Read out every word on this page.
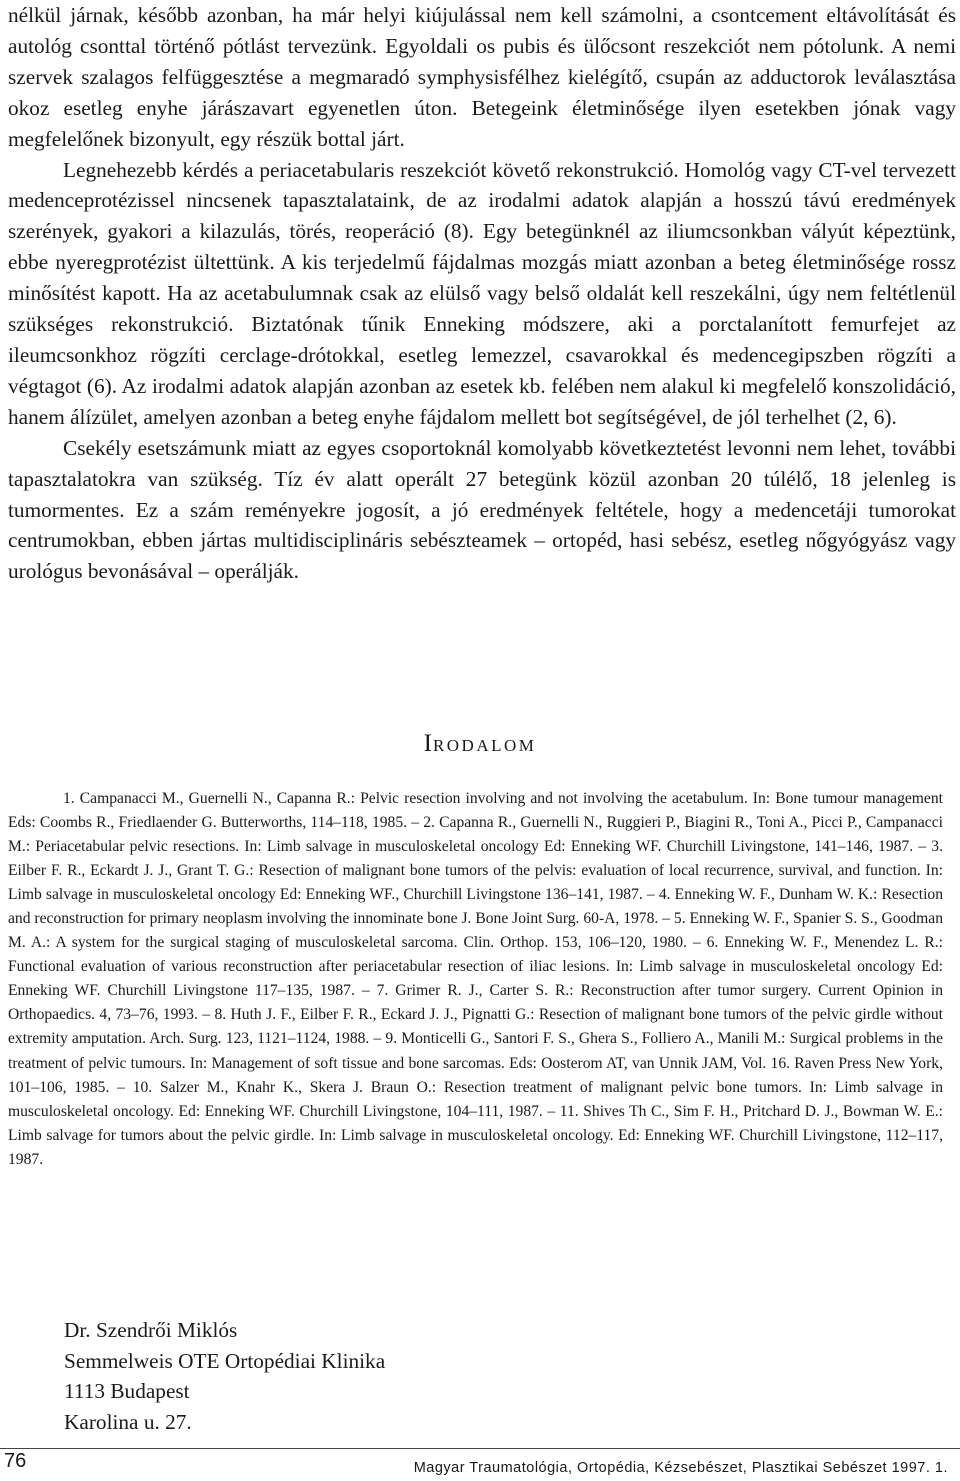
nélkül járnak, később azonban, ha már helyi kiújulással nem kell számolni, a csontcement eltávolítását és autológ csonttal történő pótlást tervezünk. Egyoldali os pubis és ülőcsont reszekciót nem pótolunk. A nemi szervek szalagos felfüggesztése a megmaradó symphysisfélhez kielégítő, csupán az adductorok leválasztása okoz esetleg enyhe járászavart egyenetlen úton. Betegeink életminősége ilyen esetekben jónak vagy megfelelőnek bizonyult, egy részük bottal járt.

Legnehezebb kérdés a periacetabularis reszekciót követő rekonstrukció. Homológ vagy CT-vel tervezett medenceprotézissel nincsenek tapasztalataink, de az irodalmi adatok alapján a hosszú távú eredmények szerények, gyakori a kilazulás, törés, reoperáció (8). Egy betegünknél az iliumcsonkban vályút képeztünk, ebbe nyeregprotézist ültettünk. A kis terjedelmű fájdalmas mozgás miatt azonban a beteg életminősége rossz minősítést kapott. Ha az acetabulumnak csak az elülső vagy belső oldalát kell reszekálni, úgy nem feltétlenül szükséges rekonstrukció. Biztatónak tűnik Enneking módszere, aki a porctalanított femurfejet az ileumcsonkhoz rögzíti cerclage-drótokkal, esetleg lemezzel, csavarokkal és medencegipszben rögzíti a végtagot (6). Az irodalmi adatok alapján azonban az esetek kb. felében nem alakul ki megfelelő konszolidáció, hanem álízület, amelyen azonban a beteg enyhe fájdalom mellett bot segítségével, de jól terhelhet (2, 6).

Csekély esetszámunk miatt az egyes csoportoknál komolyabb következtetést levonni nem lehet, további tapasztalatokra van szükség. Tíz év alatt operált 27 betegünk közül azonban 20 túlélő, 18 jelenleg is tumormentes. Ez a szám reményekre jogosít, a jó eredmények feltétele, hogy a medencetáji tumorokat centrumokban, ebben jártas multidisciplináris sebészteamek – ortopéd, hasi sebész, esetleg nőgyógyász vagy urológus bevonásával – operálják.

IRODALOM

1. Campanacci M., Guernelli N., Capanna R.: Pelvic resection involving and not involving the acetabulum. In: Bone tumour management Eds: Coombs R., Friedlaender G. Butterworths, 114–118, 1985. – 2. Capanna R., Guernelli N., Ruggieri P., Biagini R., Toni A., Picci P., Campanacci M.: Periacetabular pelvic resections. In: Limb salvage in musculoskeletal oncology Ed: Enneking WF. Churchill Livingstone, 141–146, 1987. – 3. Eilber F. R., Eckardt J. J., Grant T. G.: Resection of malignant bone tumors of the pelvis: evaluation of local recurrence, survival, and function. In: Limb salvage in musculoskeletal oncology Ed: Enneking WF., Churchill Livingstone 136–141, 1987. – 4. Enneking W. F., Dunham W. K.: Resection and reconstruction for primary neoplasm involving the innominate bone J. Bone Joint Surg. 60-A, 1978. – 5. Enneking W. F., Spanier S. S., Goodman M. A.: A system for the surgical staging of musculoskeletal sarcoma. Clin. Orthop. 153, 106–120, 1980. – 6. Enneking W. F., Menendez L. R.: Functional evaluation of various reconstruction after periacetabular resection of iliac lesions. In: Limb salvage in musculoskeletal oncology Ed: Enneking WF. Churchill Livingstone 117–135, 1987. – 7. Grimer R. J., Carter S. R.: Reconstruction after tumor surgery. Current Opinion in Orthopaedics. 4, 73–76, 1993. – 8. Huth J. F., Eilber F. R., Eckard J. J., Pignatti G.: Resection of malignant bone tumors of the pelvic girdle without extremity amputation. Arch. Surg. 123, 1121–1124, 1988. – 9. Monticelli G., Santori F. S., Ghera S., Folliero A., Manili M.: Surgical problems in the treatment of pelvic tumours. In: Management of soft tissue and bone sarcomas. Eds: Oosterom AT, van Unnik JAM, Vol. 16. Raven Press New York, 101–106, 1985. – 10. Salzer M., Knahr K., Skera J. Braun O.: Resection treatment of malignant pelvic bone tumors. In: Limb salvage in musculoskeletal oncology. Ed: Enneking WF. Churchill Livingstone, 104–111, 1987. – 11. Shives Th C., Sim F. H., Pritchard D. J., Bowman W. E.: Limb salvage for tumors about the pelvic girdle. In: Limb salvage in musculoskeletal oncology. Ed: Enneking WF. Churchill Livingstone, 112–117, 1987.

Dr. Szendrői Miklós
Semmelweis OTE Ortopédiai Klinika
1113 Budapest
Karolina u. 27.
76	Magyar Traumatológia, Ortopédia, Kézsebészet, Plasztikai Sebészet 1997. 1.
